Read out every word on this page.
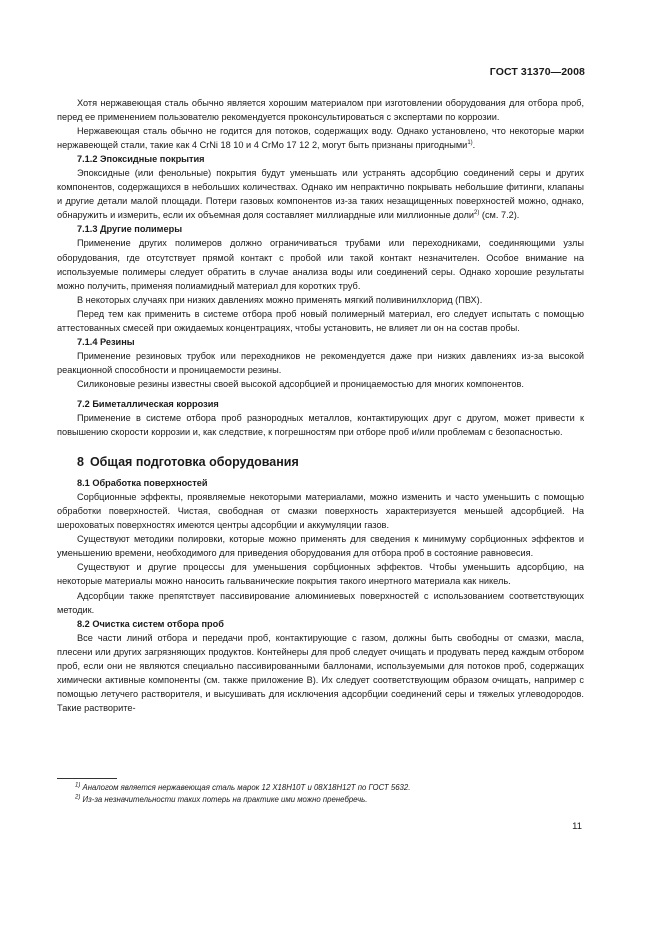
ГОСТ 31370—2008

Хотя нержавеющая сталь обычно является хорошим материалом при изготовлении оборудования для отбора проб, перед ее применением пользователю рекомендуется проконсультироваться с экспертами по коррозии.

Нержавеющая сталь обычно не годится для потоков, содержащих воду. Однако установлено, что некоторые марки нержавеющей стали, такие как 4 CrNi 18 10 и 4 CrMo 17 12 2, могут быть признаны пригодными$^{1)}$.

7.1.2 Эпоксидные покрытия

Эпоксидные (или фенольные) покрытия будут уменьшать или устранять адсорбцию соединений серы и других компонентов, содержащихся в небольших количествах. Однако им непрактично покрывать небольшие фитинги, клапаны и другие детали малой площади. Потери газовых компонентов из-за таких незащищенных поверхностей можно, однако, обнаружить и измерить, если их объемная доля составляет миллиардные или миллионные доли$^{2)}$ (см. 7.2).

7.1.3 Другие полимеры

Применение других полимеров должно ограничиваться трубами или переходниками, соединяющими узлы оборудования, где отсутствует прямой контакт с пробой или такой контакт незначителен. Особое внимание на используемые полимеры следует обратить в случае анализа воды или соединений серы. Однако хорошие результаты можно получить, применяя полиамидный материал для коротких труб.

В некоторых случаях при низких давлениях можно применять мягкий поливинилхлорид (ПВХ).

Перед тем как применить в системе отбора проб новый полимерный материал, его следует испытать с помощью аттестованных смесей при ожидаемых концентрациях, чтобы установить, не влияет ли он на состав пробы.

7.1.4 Резины

Применение резиновых трубок или переходников не рекомендуется даже при низких давлениях из-за высокой реакционной способности и проницаемости резины.

Силиконовые резины известны своей высокой адсорбцией и проницаемостью для многих компонентов.

7.2 Биметаллическая коррозия

Применение в системе отбора проб разнородных металлов, контактирующих друг с другом, может привести к повышению скорости коррозии и, как следствие, к погрешностям при отборе проб и/или проблемам с безопасностью.

8 Общая подготовка оборудования

8.1 Обработка поверхностей

Сорбционные эффекты, проявляемые некоторыми материалами, можно изменить и часто уменьшить с помощью обработки поверхностей. Чистая, свободная от смазки поверхность характеризуется меньшей адсорбцией. На шероховатых поверхностях имеются центры адсорбции и аккумуляции газов.

Существуют методики полировки, которые можно применять для сведения к минимуму сорбционных эффектов и уменьшению времени, необходимого для приведения оборудования для отбора проб в состояние равновесия.

Существуют и другие процессы для уменьшения сорбционных эффектов. Чтобы уменьшить адсорбцию, на некоторые материалы можно наносить гальванические покрытия такого инертного материала как никель.

Адсорбции также препятствует пассивирование алюминиевых поверхностей с использованием соответствующих методик.

8.2 Очистка систем отбора проб

Все части линий отбора и передачи проб, контактирующие с газом, должны быть свободны от смазки, масла, плесени или других загрязняющих продуктов. Контейнеры для проб следует очищать и продувать перед каждым отбором проб, если они не являются специально пассивированными баллонами, используемыми для потоков проб, содержащих химически активные компоненты (см. также приложение В). Их следует соответствующим образом очищать, например с помощью летучего растворителя, и высушивать для исключения адсорбции соединений серы и тяжелых углеводородов. Такие растворите-

$^{1)}$ Аналогом является нержавеющая сталь марок 12 Х18Н10Т и 08Х18Н12Т по ГОСТ 5632.

$^{2)}$ Из-за незначительности таких потерь на практике ими можно пренебречь.

11
